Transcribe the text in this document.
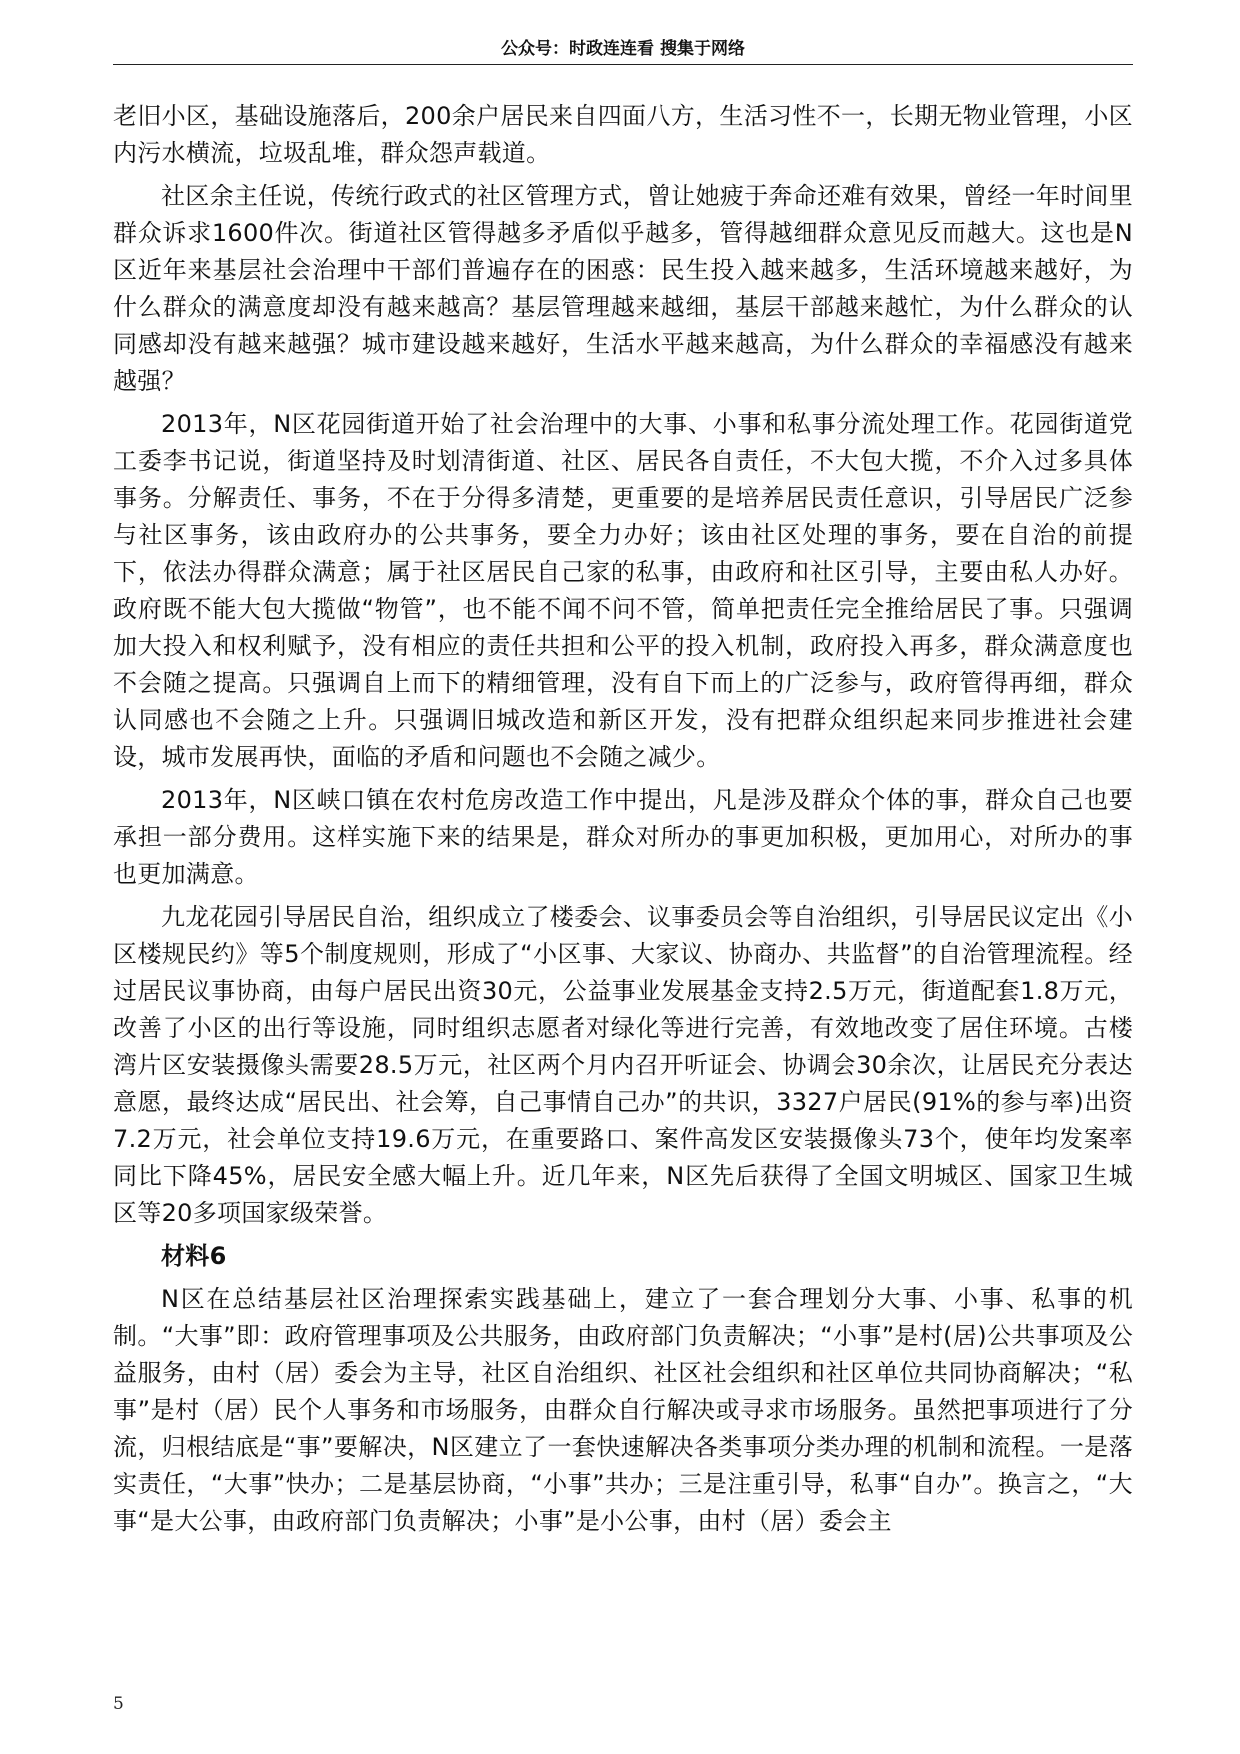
公众号：时政连连看 搜集于网络

老旧小区，基础设施落后，200余户居民来自四面八方，生活习性不一，长期无物业管理，小区内污水横流，垃圾乱堆，群众怨声载道。

社区余主任说，传统行政式的社区管理方式，曾让她疲于奔命还难有效果，曾经一年时间里群众诉求1600件次。街道社区管得越多矛盾似乎越多，管得越细群众意见反而越大。这也是N区近年来基层社会治理中干部们普遍存在的困惑：民生投入越来越多，生活环境越来越好，为什么群众的满意度却没有越来越高？基层管理越来越细，基层干部越来越忙，为什么群众的认同感却没有越来越强？城市建设越来越好，生活水平越来越高，为什么群众的幸福感没有越来越强？

2013年，N区花园街道开始了社会治理中的大事、小事和私事分流处理工作。花园街道党工委李书记说，街道坚持及时划清街道、社区、居民各自责任，不大包大揽，不介入过多具体事务。分解责任、事务，不在于分得多清楚，更重要的是培养居民责任意识，引导居民广泛参与社区事务，该由政府办的公共事务，要全力办好；该由社区处理的事务，要在自治的前提下，依法办得群众满意；属于社区居民自己家的私事，由政府和社区引导，主要由私人办好。政府既不能大包大揽做“物管”，也不能不闻不问不管，简单把责任完全推给居民了事。只强调加大投入和权利赋予，没有相应的责任共担和公平的投入机制，政府投入再多，群众满意度也不会随之提高。只强调自上而下的精细管理，没有自下而上的广泛参与，政府管得再细，群众认同感也不会随之上升。只强调旧城改造和新区开发，没有把群众组织起来同步推进社会建设，城市发展再快，面临的矛盾和问题也不会随之减少。

2013年，N区峡口镇在农村危房改造工作中提出，凡是涉及群众个体的事，群众自己也要承担一部分费用。这样实施下来的结果是，群众对所办的事更加积极，更加用心，对所办的事也更加满意。

九龙花园引导居民自治，组织成立了楼委会、议事委员会等自治组织，引导居民议定出《小区楼规民约》等5个制度规则，形成了“小区事、大家议、协商办、共监督”的自治管理流程。经过居民议事协商，由每户居民出资30元，公益事业发展基金支持2.5万元，街道配套1.8万元，改善了小区的出行等设施，同时组织志愿者对绿化等进行完善，有效地改变了居住环境。古楼湾片区安装摄像头需要28.5万元，社区两个月内召开听证会、协调会30余次，让居民充分表达意愿，最终达成“居民出、社会筹，自己事情自己办”的共识，3327户居民(91%的参与率)出资7.2万元，社会单位支持19.6万元，在重要路口、案件高发区安装摄像头73个，使年均发案率同比下降45%，居民安全感大幅上升。近几年来，N区先后获得了全国文明城区、国家卫生城区等20多项国家级荣誉。

材料6

N区在总结基层社区治理探索实践基础上，建立了一套合理划分大事、小事、私事的机制。“大事”即：政府管理事项及公共服务，由政府部门负责解决；“小事”是村(居)公共事项及公益服务，由村（居）委会为主导，社区自治组织、社区社会组织和社区单位共同协商解决；“私事”是村（居）民个人事务和市场服务，由群众自行解决或寻求市场服务。虽然把事项进行了分流，归根结底是“事”要解决，N区建立了一套快速解决各类事项分类办理的机制和流程。一是落实责任，“大事”快办；二是基层协商，“小事”共办；三是注重引导，私事“自办”。换言之，“大事“是大公事，由政府部门负责解决；小事”是小公事，由村（居）委会主

5
